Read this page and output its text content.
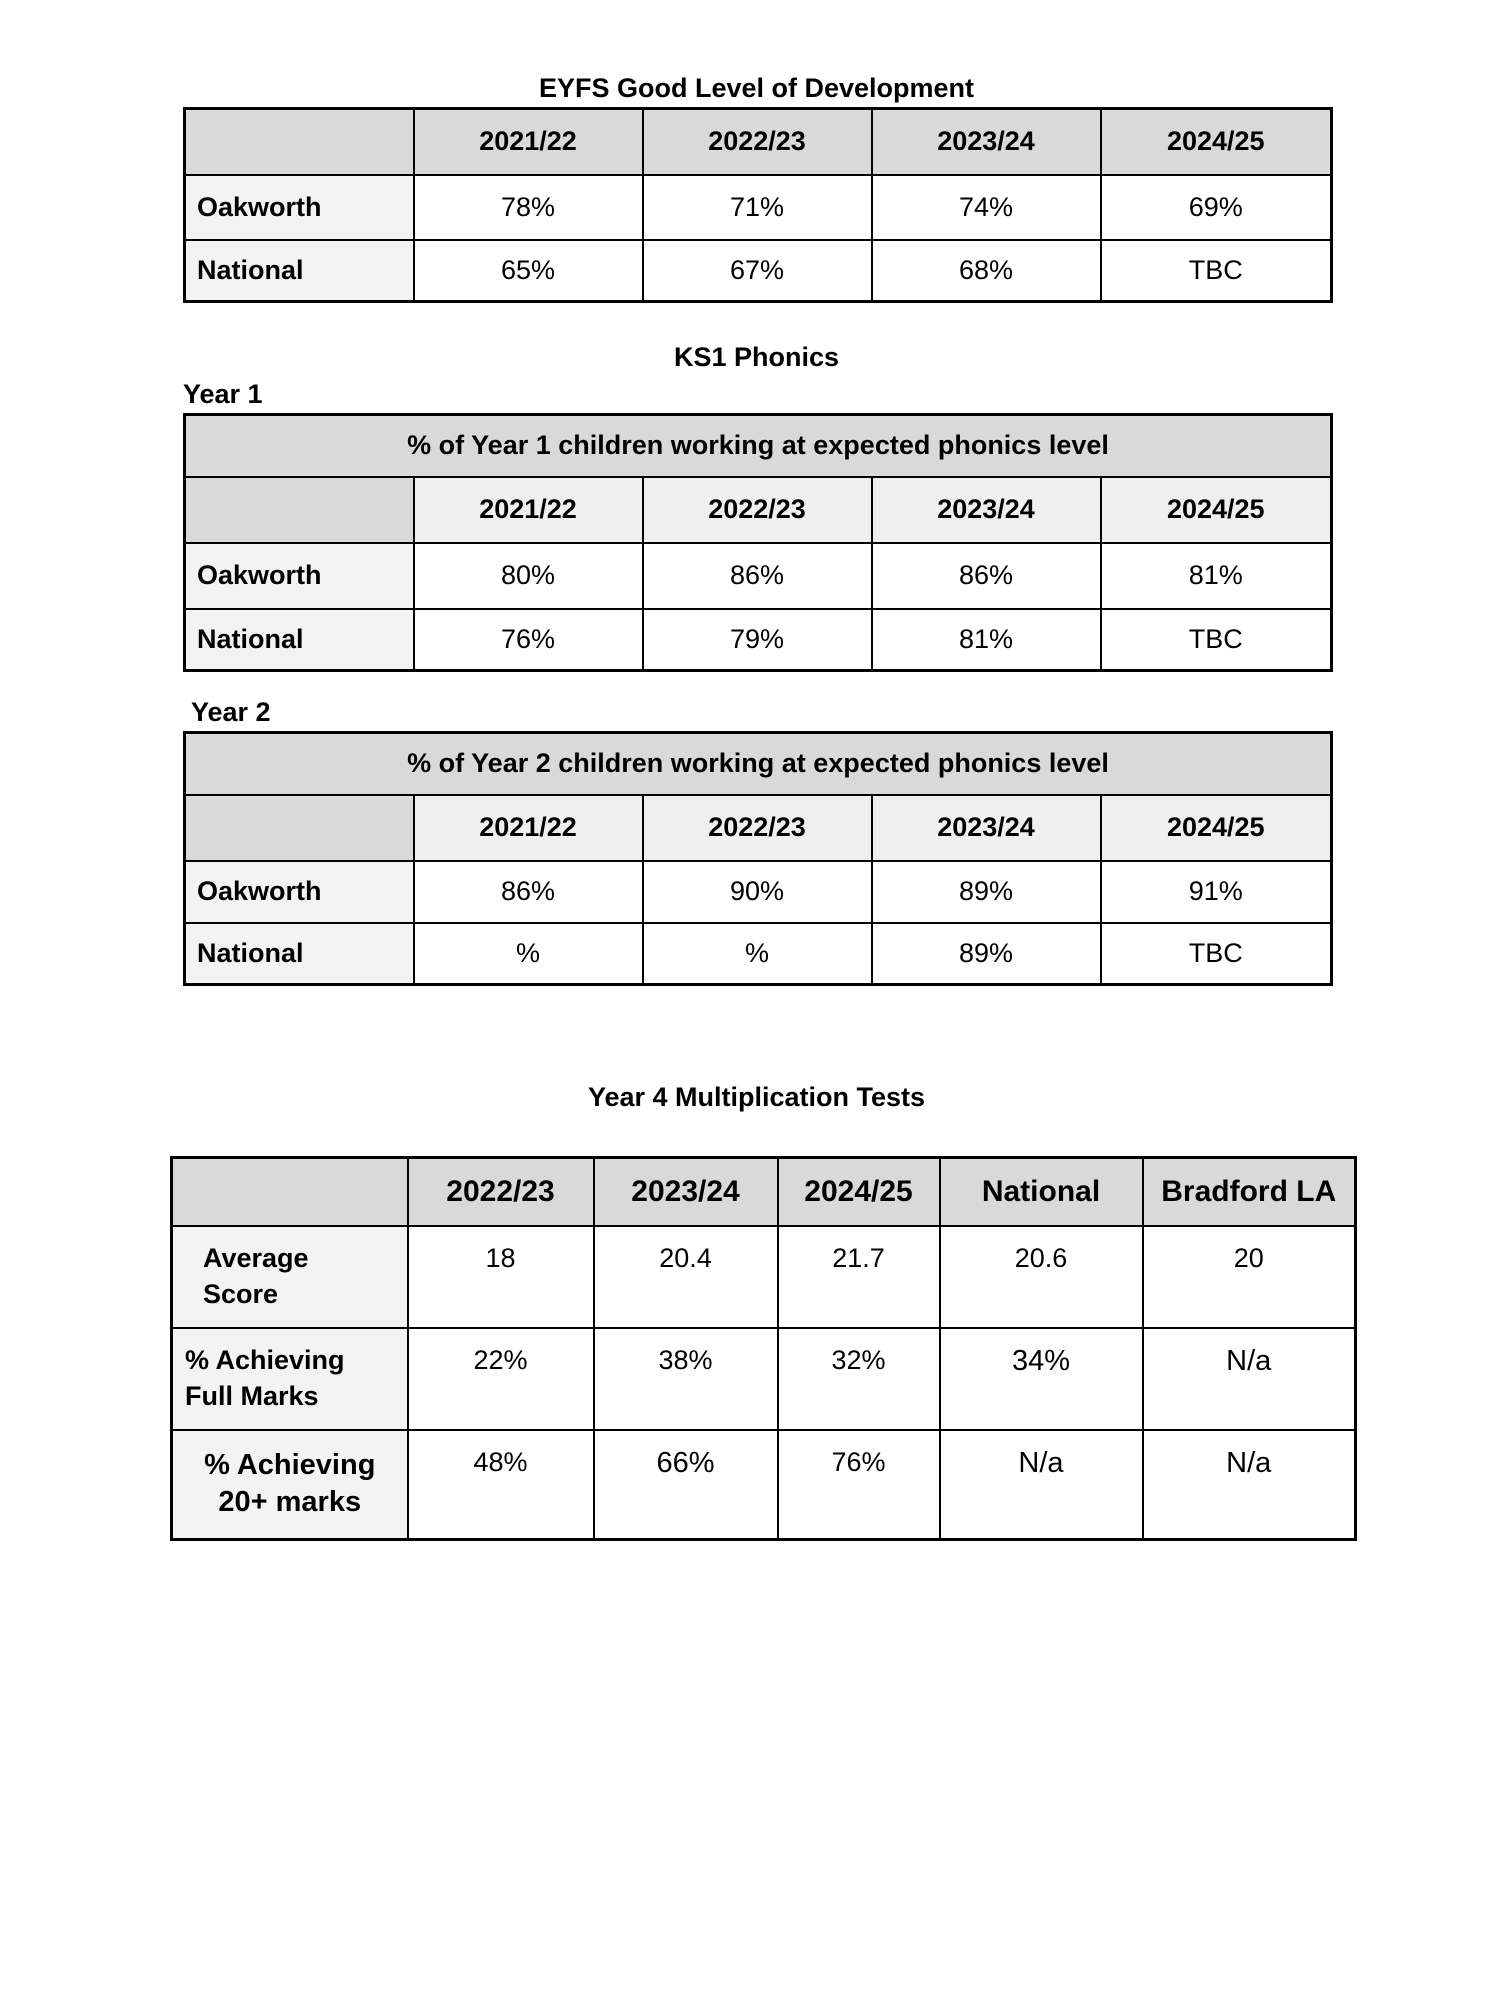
EYFS Good Level of Development
	2021/22	2022/23	2023/24	2024/25
Oakworth	78%	71%	74%	69%
National	65%	67%	68%	TBC
KS1 Phonics
Year 1
% of Year 1 children working at expected phonics level				
	2021/22	2022/23	2023/24	2024/25
Oakworth	80%	86%	86%	81%
National	76%	79%	81%	TBC
Year 2
% of Year 2 children working at expected phonics level				
	2021/22	2022/23	2023/24	2024/25
Oakworth	86%	90%	89%	91%
National	%	%	89%	TBC
Year 4 Multiplication Tests
	2022/23	2023/24	2024/25	National	Bradford LA

Average
Score	18	20.4	21.7	20.6	20

% Achieving
Full Marks	22%	38%	32%	34%	N/a

% Achieving
20+ marks	48%	66%	76%	N/a	N/a
